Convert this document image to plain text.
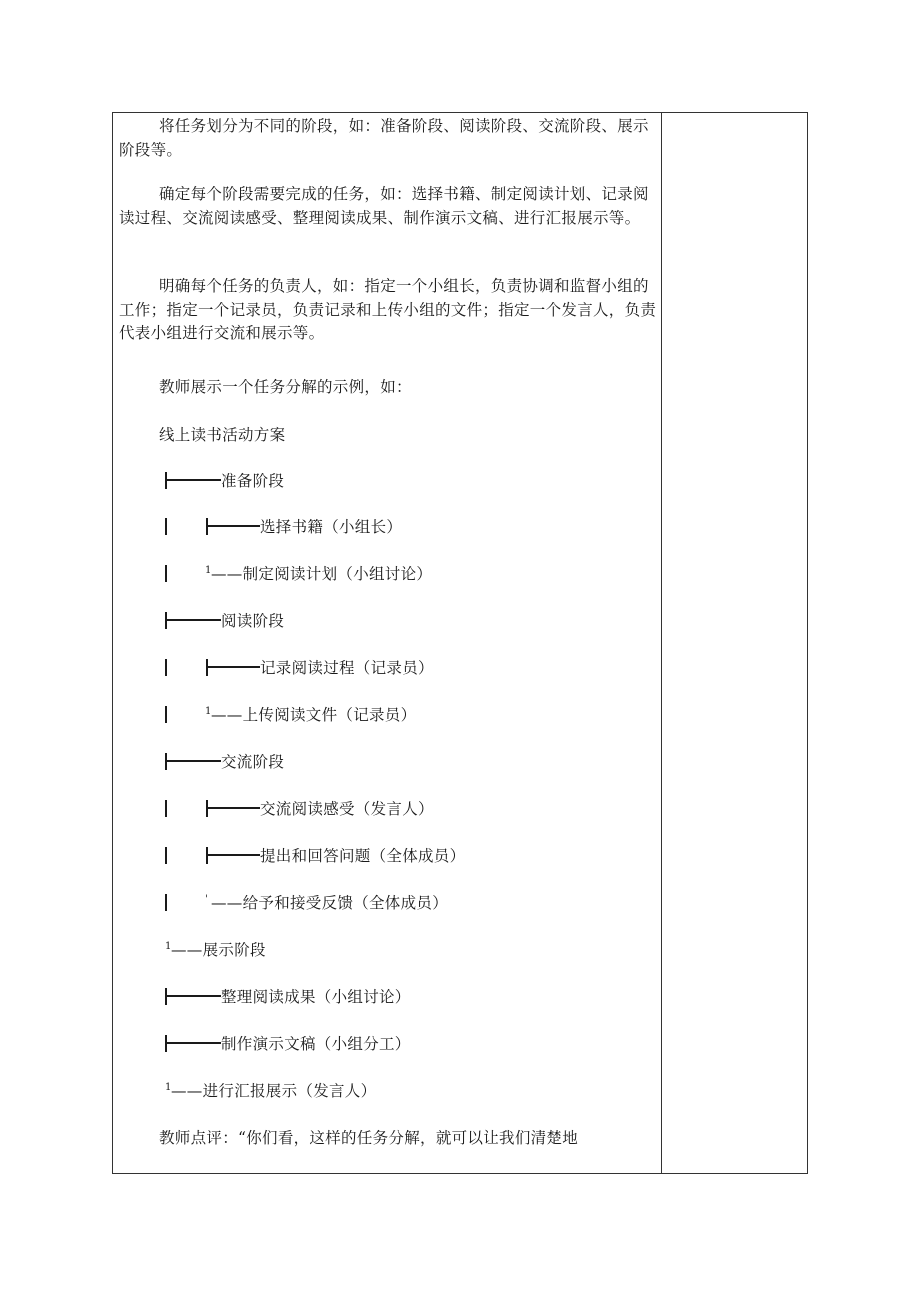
将任务划分为不同的阶段，如：准备阶段、阅读阶段、交流阶段、展示阶段等。

确定每个阶段需要完成的任务，如：选择书籍、制定阅读计划、记录阅读过程、交流阅读感受、整理阅读成果、制作演示文稿、进行汇报展示等。

明确每个任务的负责人，如：指定一个小组长，负责协调和监督小组的工作；指定一个记录员，负责记录和上传小组的文件；指定一个发言人，负责代表小组进行交流和展示等。

教师展示一个任务分解的示例，如：

线上读书活动方案
准备阶段
选择书籍（小组长）
1 ——制定阅读计划（小组讨论）
阅读阶段
记录阅读过程（记录员）
1 ——上传阅读文件（记录员）
交流阶段
交流阅读感受（发言人）
提出和回答问题（全体成员）
' ——给予和接受反馈（全体成员）
1 ——展示阶段
整理阅读成果（小组讨论）
制作演示文稿（小组分工）
1 ——进行汇报展示（发言人）
教师点评：“你们看，这样的任务分解，就可以让我们清楚地
